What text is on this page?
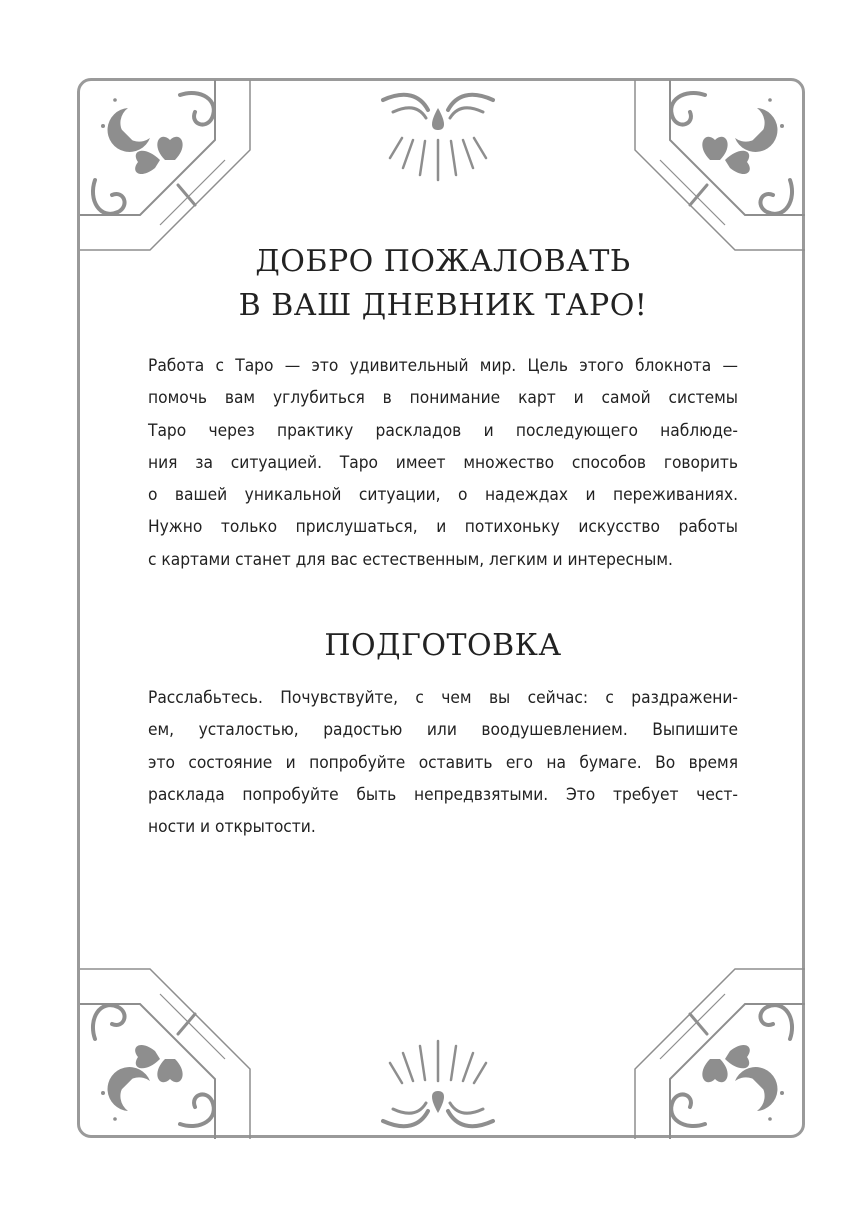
ДОБРО ПОЖАЛОВАТЬ
В ВАШ ДНЕВНИК ТАРО!

Работа с Таро — это удивительный мир. Цель этого блокнота —
помочь вам углубиться в понимание карт и самой системы
Таро через практику раскладов и последующего наблюде-
ния за ситуацией. Таро имеет множество способов говорить
о вашей уникальной ситуации, о надеждах и переживаниях.
Нужно только прислушаться, и потихоньку искусство работы
с картами станет для вас естественным, легким и интересным.

ПОДГОТОВКА

Расслабьтесь. Почувствуйте, с чем вы сейчас: с раздражени-
ем, усталостью, радостью или воодушевлением. Выпишите
это состояние и попробуйте оставить его на бумаге. Во время
расклада попробуйте быть непредвзятыми. Это требует чест-
ности и открытости.
